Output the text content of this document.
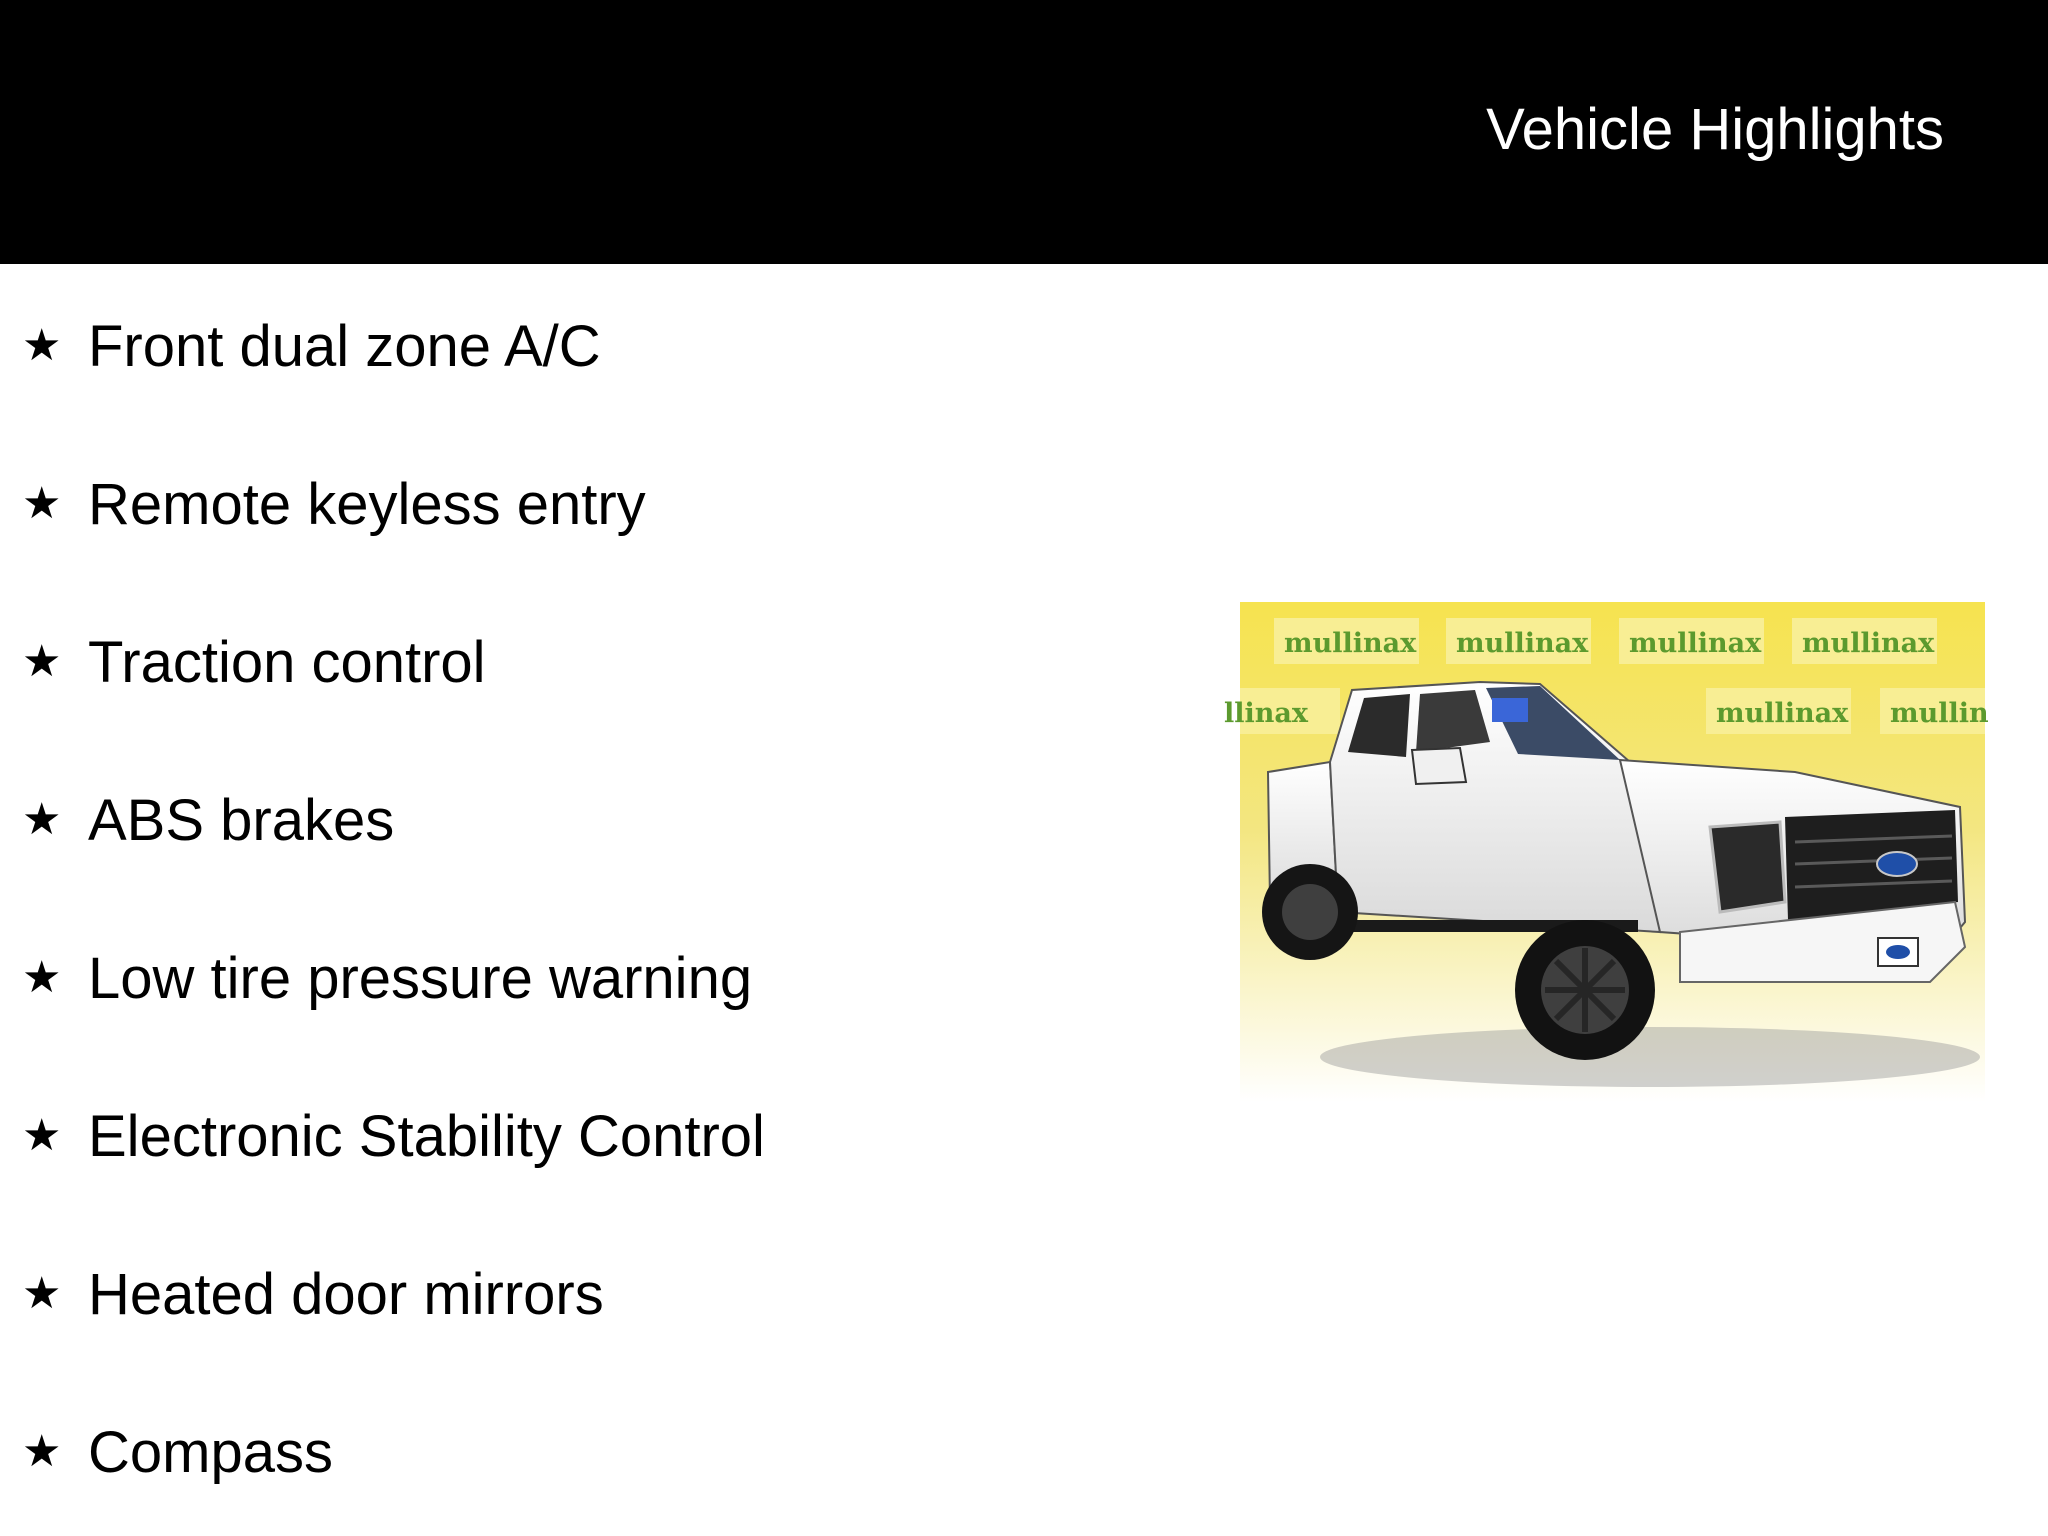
Vehicle Highlights
★ Front dual zone A/C
★ Remote keyless entry
★ Traction control
★ ABS brakes
★ Low tire pressure warning
★ Electronic Stability Control
★ Heated door mirrors
★ Compass
mullinax mullinax mullinax mullinax
llinax	mullinax mullin
